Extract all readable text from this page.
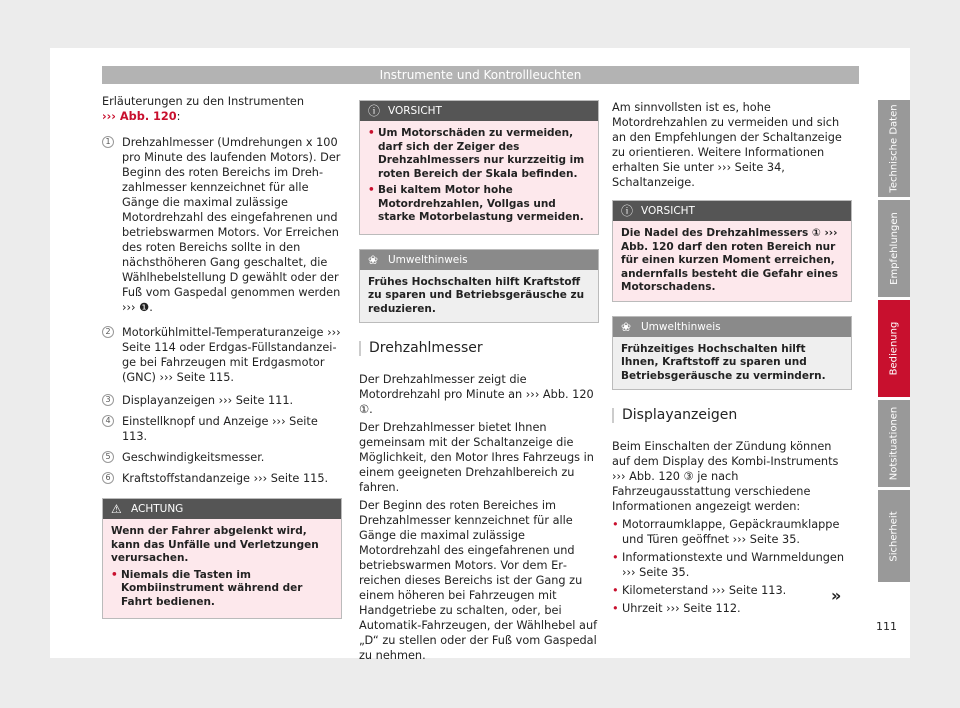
Instrumente und Kontrollleuchten
Technische Daten
Empfehlungen
Bedienung
Notsituationen
Sicherheit

Erläuterungen zu den Instrumenten
››› Abb. 120:

1	Drehzahlmesser (Umdrehungen x 100 pro Minute des laufenden Motors). Der Beginn des roten Bereichs im Drehzahlmesser kennzeichnet für alle Gänge die maximal zulässige Motordrehzahl des eingefahrenen und betriebswarmen Motors. Vor Erreichen des roten Bereichs sollte in den nächsthöheren Gang geschaltet, die Wählhebelstellung D gewählt oder der Fuß vom Gaspedal genommen werden ››› ❶.
2	Motorkühlmittel-Temperaturanzeige ››› Seite 114 oder Erdgas-Füllstandanzeige bei Fahrzeugen mit Erdgasmotor (GNC) ››› Seite 115.
3	Displayanzeigen ››› Seite 111.
4	Einstellknopf und Anzeige ››› Seite 113.
5	Geschwindigkeitsmesser.
6	Kraftstoffstandanzeige ››› Seite 115.
⚠ ACHTUNG

Wenn der Fahrer abgelenkt wird, kann das Unfälle und Verletzungen verursachen.

• Niemals die Tasten im Kombiinstrument während der Fahrt bedienen.

ⓘ VORSICHT

• Um Motorschäden zu vermeiden, darf sich der Zeiger des Drehzahlmessers nur kurzzeitig im roten Bereich der Skala befinden.

• Bei kaltem Motor hohe Motordrehzahlen, Vollgas und starke Motorbelastung vermeiden.

❀ Umwelthinweis
Frühes Hochschalten hilft Kraftstoff zu sparen und Betriebsgeräusche zu reduzieren.
Drehzahlmesser

Der Drehzahlmesser zeigt die Motordrehzahl pro Minute an ››› Abb. 120 ①.

Der Drehzahlmesser bietet Ihnen gemeinsam mit der Schaltanzeige die Möglichkeit, den Motor Ihres Fahrzeugs in einem geeigneten Drehzahlbereich zu fahren.

Der Beginn des roten Bereiches im Drehzahlmesser kennzeichnet für alle Gänge die maximal zulässige Motordrehzahl des eingefahrenen und betriebswarmen Motors. Vor dem Erreichen dieses Bereichs ist der Gang zu einem höheren bei Fahrzeugen mit Handgetriebe zu schalten, oder, bei Automatik-Fahrzeugen, der Wählhebel auf „D“ zu stellen oder der Fuß vom Gaspedal zu nehmen.

Am sinnvollsten ist es, hohe Motordrehzahlen zu vermeiden und sich an den Empfehlungen der Schaltanzeige zu orientieren. Weitere Informationen erhalten Sie unter ››› Seite 34, Schaltanzeige.

ⓘ VORSICHT
Die Nadel des Drehzahlmessers ① ››› Abb. 120 darf den roten Bereich nur für einen kurzen Moment erreichen, andernfalls besteht die Gefahr eines Motorschadens.
❀ Umwelthinweis
Frühzeitiges Hochschalten hilft Ihnen, Kraftstoff zu sparen und Betriebsgeräusche zu vermindern.
Displayanzeigen

Beim Einschalten der Zündung können auf dem Display des Kombi-Instruments ››› Abb. 120 ③ je nach Fahrzeugausstattung verschiedene Informationen angezeigt werden:

• Motorraumklappe, Gepäckraumklappe und Türen geöffnet ››› Seite 35.

• Informationstexte und Warnmeldungen ››› Seite 35.

• Kilometerstand ››› Seite 113.

• Uhrzeit ››› Seite 112.

»
111
